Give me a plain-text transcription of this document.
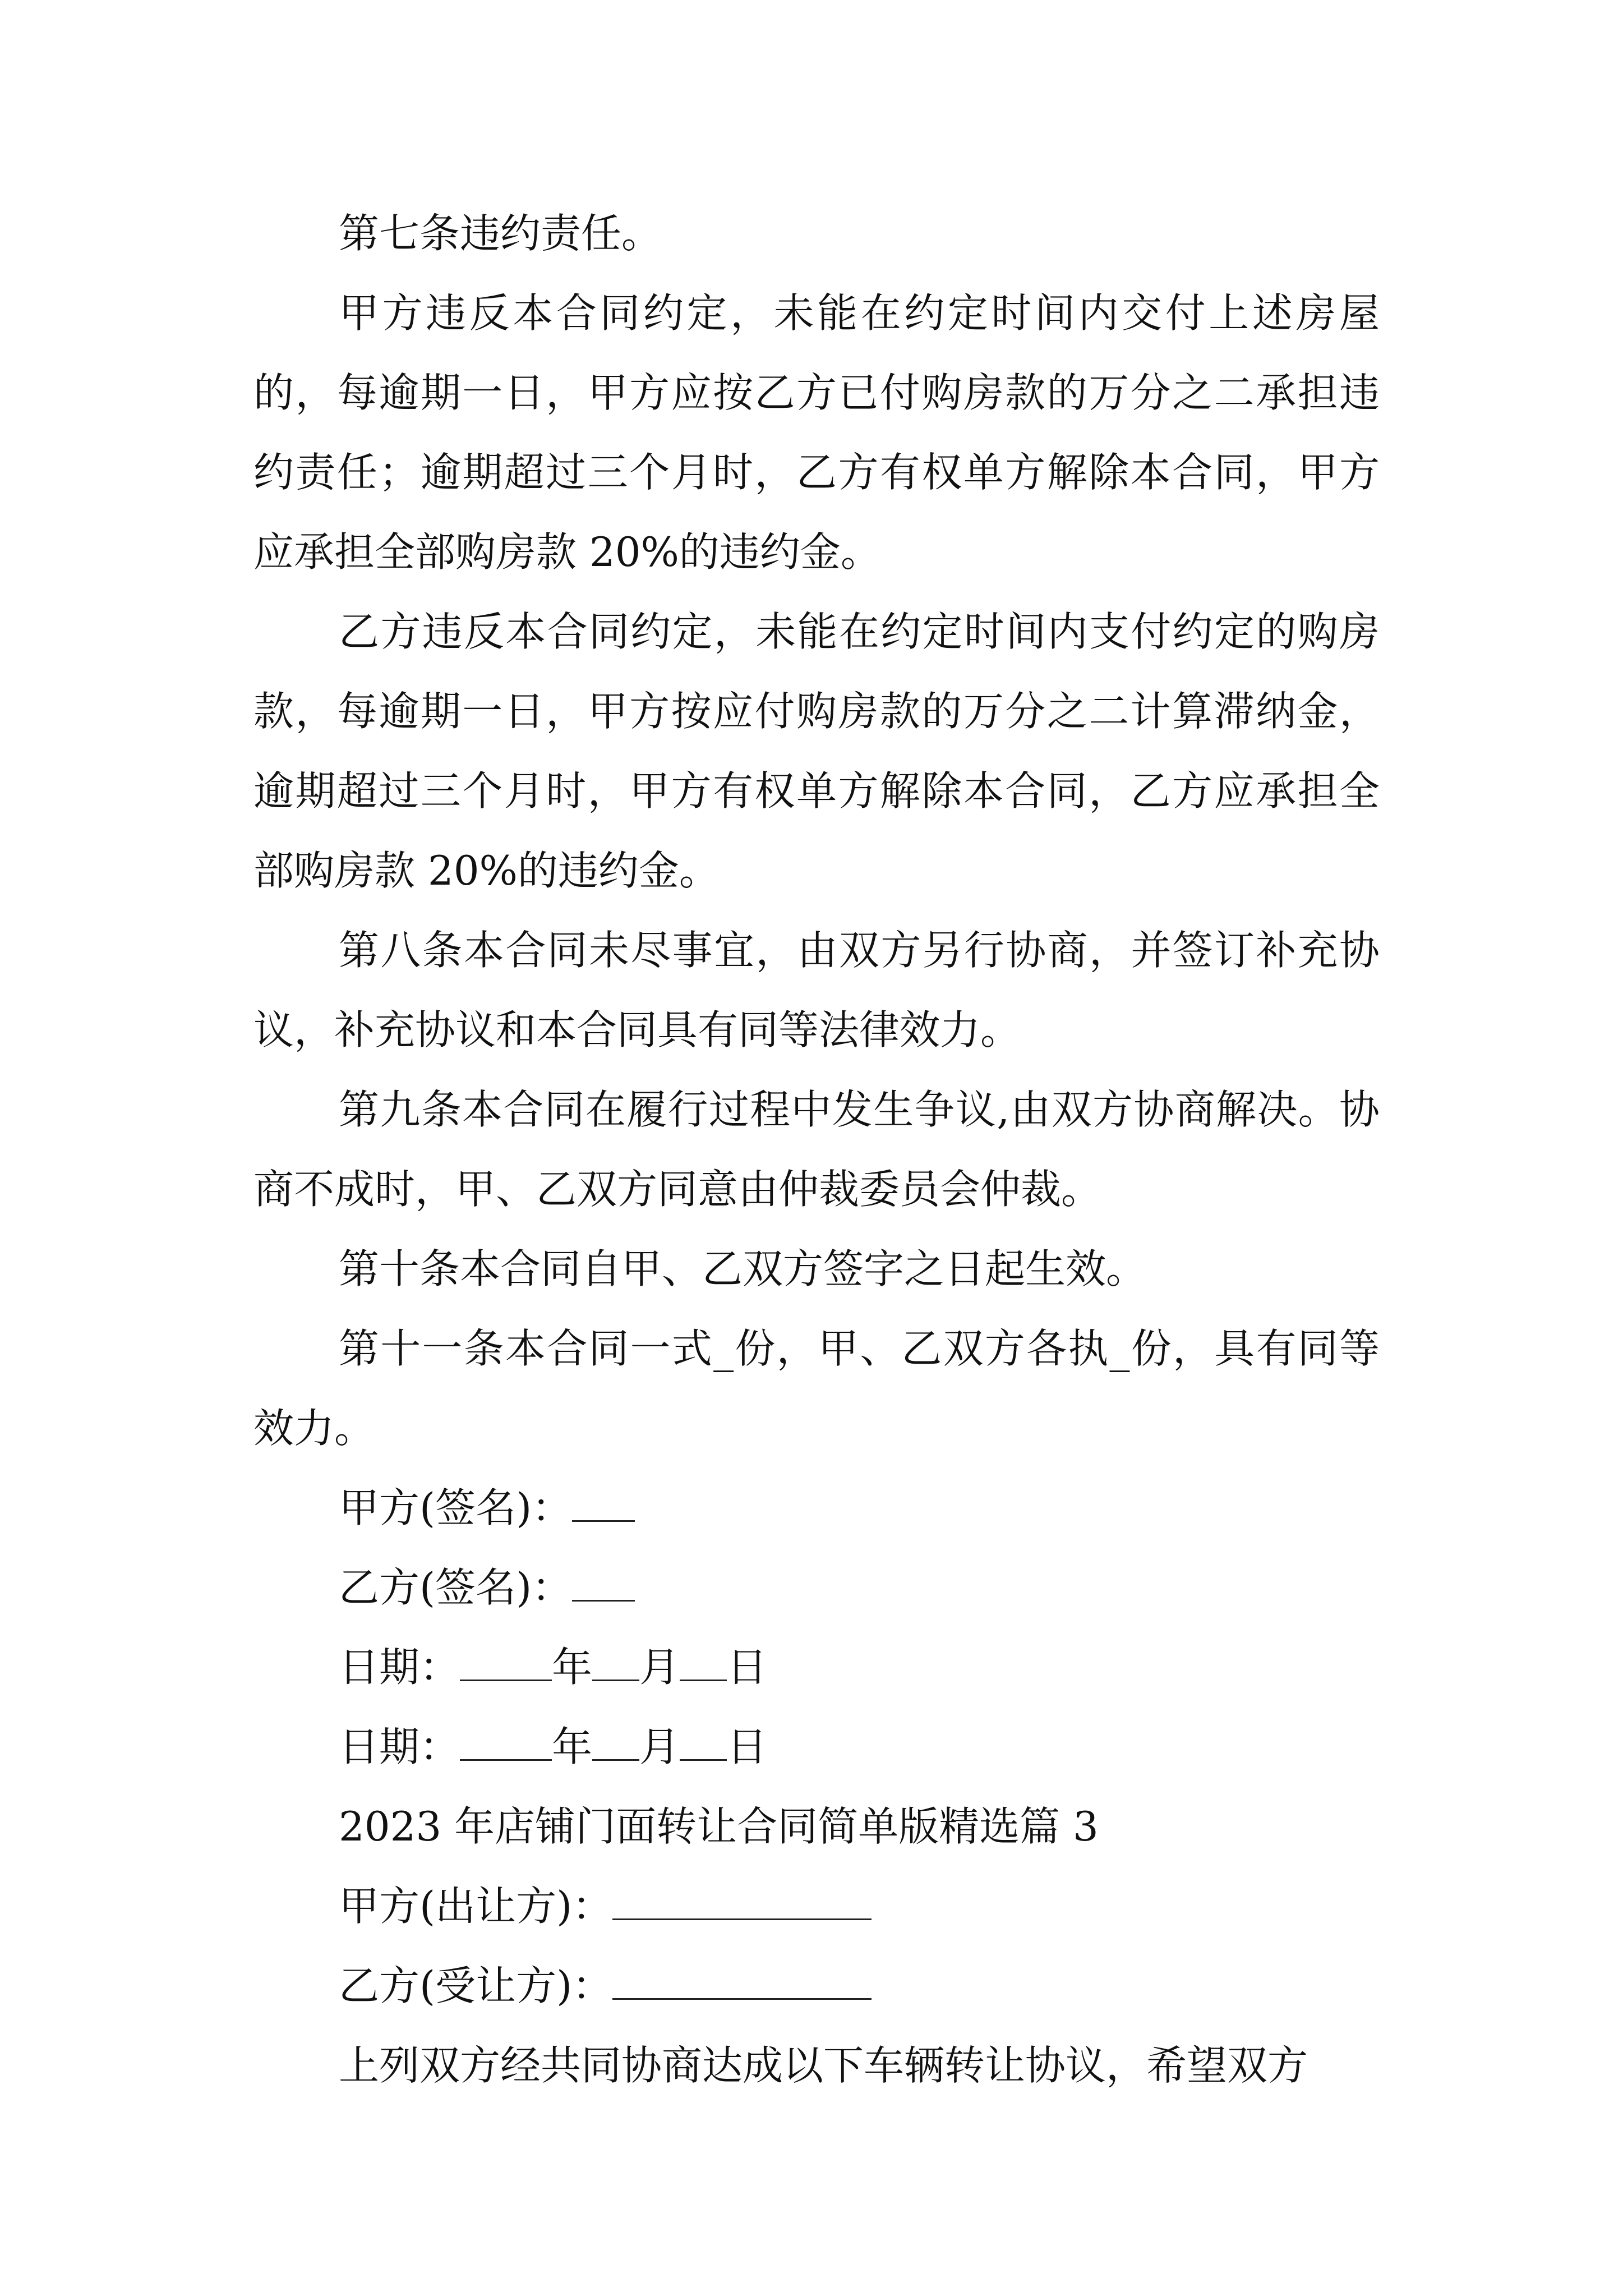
第七条违约责任。

甲方违反本合同约定，未能在约定时间内交付上述房屋的，每逾期一日，甲方应按乙方已付购房款的万分之二承担违约责任；逾期超过三个月时，乙方有权单方解除本合同，甲方应承担全部购房款 20%的违约金。

乙方违反本合同约定，未能在约定时间内支付约定的购房款，每逾期一日，甲方按应付购房款的万分之二计算滞纳金，逾期超过三个月时，甲方有权单方解除本合同，乙方应承担全部购房款 20%的违约金。

第八条本合同未尽事宜，由双方另行协商，并签订补充协议，补充协议和本合同具有同等法律效力。

第九条本合同在履行过程中发生争议,由双方协商解决。协商不成时，甲、乙双方同意由仲裁委员会仲裁。

第十条本合同自甲、乙双方签字之日起生效。

第十一条本合同一式_份，甲、乙双方各执_份，具有同等效力。

甲方(签名)：

乙方(签名)：

日期： 年 月 日

日期： 年 月 日

2023 年店铺门面转让合同简单版精选篇 3

甲方(出让方)：

乙方(受让方)：

上列双方经共同协商达成以下车辆转让协议，希望双方
